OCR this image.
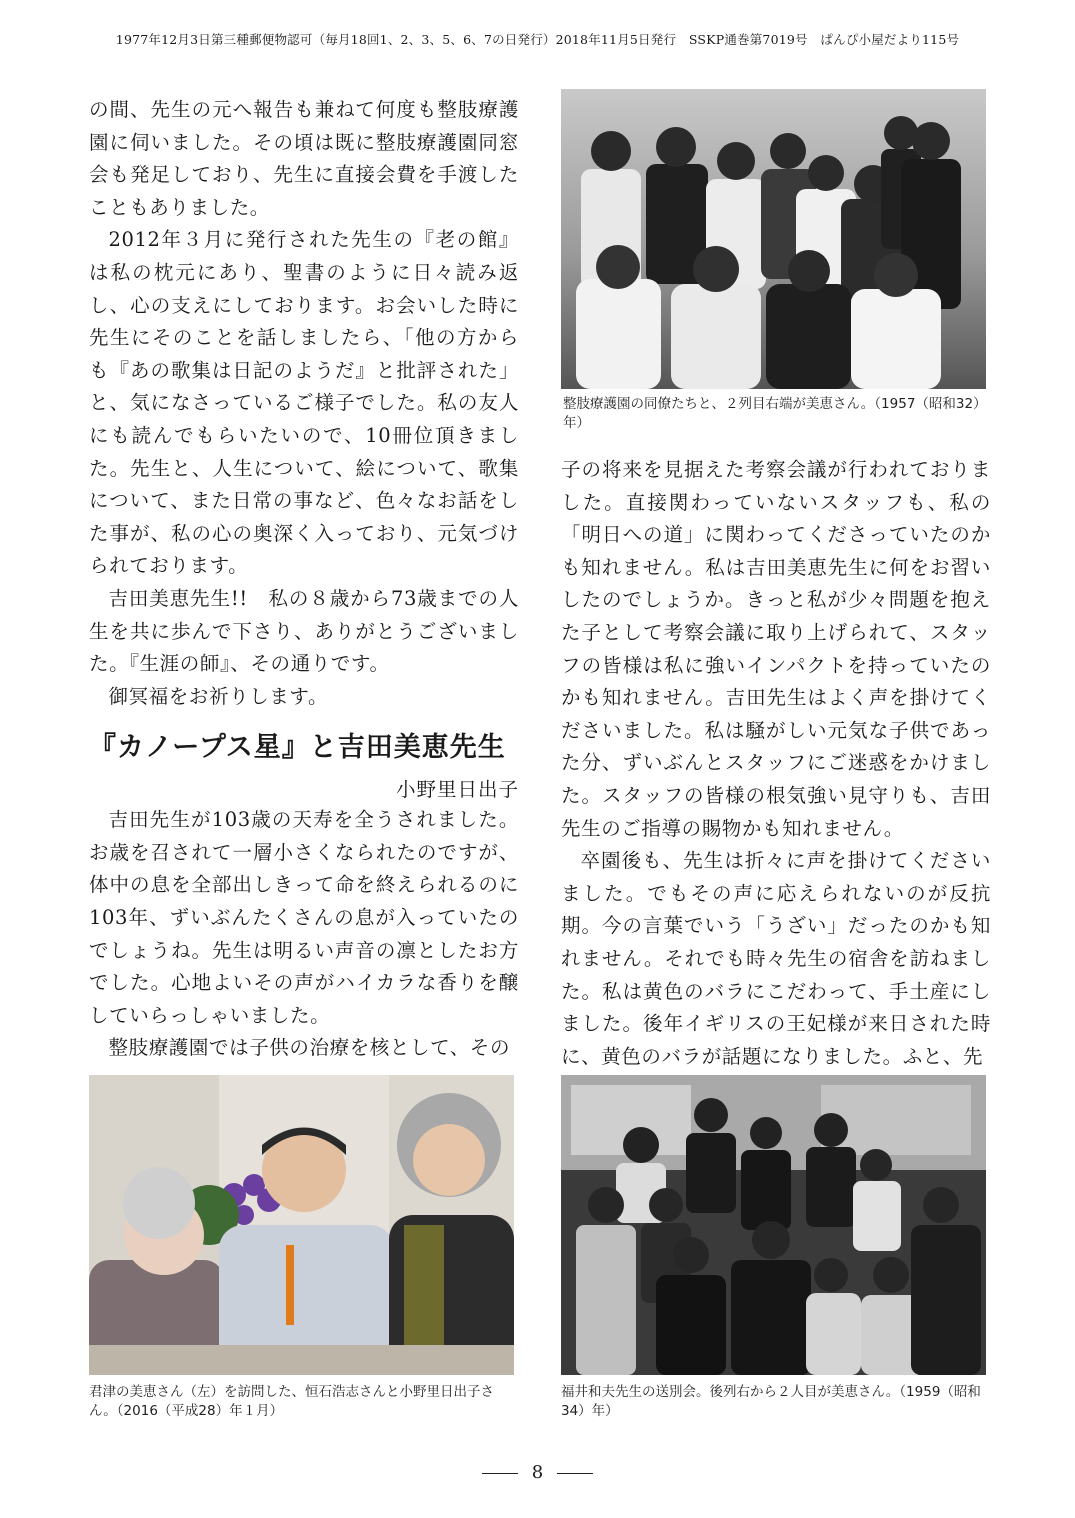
1977年12月3日第三種郵便物認可（毎月18回1、2、3、5、6、7の日発行）2018年11月5日発行　SSKP通巻第7019号　ぱんぴ小屋だより115号

の間、先生の元へ報告も兼ねて何度も整肢療護園に伺いました。その頃は既に整肢療護園同窓会も発足しており、先生に直接会費を手渡したこともありました。

2012年３月に発行された先生の『老の館』は私の枕元にあり、聖書のように日々読み返し、心の支えにしております。お会いした時に先生にそのことを話しましたら、「他の方からも『あの歌集は日記のようだ』と批評された」と、気になさっているご様子でした。私の友人にも読んでもらいたいので、10冊位頂きました。先生と、人生について、絵について、歌集について、また日常の事など、色々なお話をした事が、私の心の奥深く入っており、元気づけられております。

吉田美恵先生!!　私の８歳から73歳までの人生を共に歩んで下さり、ありがとうございました。『生涯の師』、その通りです。

御冥福をお祈りします。

『カノープス星』と吉田美恵先生
小野里日出子

吉田先生が103歳の天寿を全うされました。お歳を召されて一層小さくなられたのですが、体中の息を全部出しきって命を終えられるのに103年、ずいぶんたくさんの息が入っていたのでしょうね。先生は明るい声音の凛としたお方でした。心地よいその声がハイカラな香りを醸していらっしゃいました。

整肢療護園では子供の治療を核として、その

子の将来を見据えた考察会議が行われておりました。直接関わっていないスタッフも、私の「明日への道」に関わってくださっていたのかも知れません。私は吉田美恵先生に何をお習いしたのでしょうか。きっと私が少々問題を抱えた子として考察会議に取り上げられて、スタッフの皆様は私に強いインパクトを持っていたのかも知れません。吉田先生はよく声を掛けてくださいました。私は騒がしい元気な子供であった分、ずいぶんとスタッフにご迷惑をかけました。スタッフの皆様の根気強い見守りも、吉田先生のご指導の賜物かも知れません。

卒園後も、先生は折々に声を掛けてくださいました。でもその声に応えられないのが反抗期。今の言葉でいう「うざい」だったのかも知れません。それでも時々先生の宿舎を訪ねました。私は黄色のバラにこだわって、手土産にしました。後年イギリスの王妃様が来日された時に、黄色のバラが話題になりました。ふと、先

整肢療護園の同僚たちと、２列目右端が美恵さん。（1957（昭和32）年）
君津の美恵さん（左）を訪問した、恒石浩志さんと小野里日出子さん。（2016（平成28）年１月）
福井和夫先生の送別会。後列右から２人目が美恵さん。（1959（昭和34）年）
8
